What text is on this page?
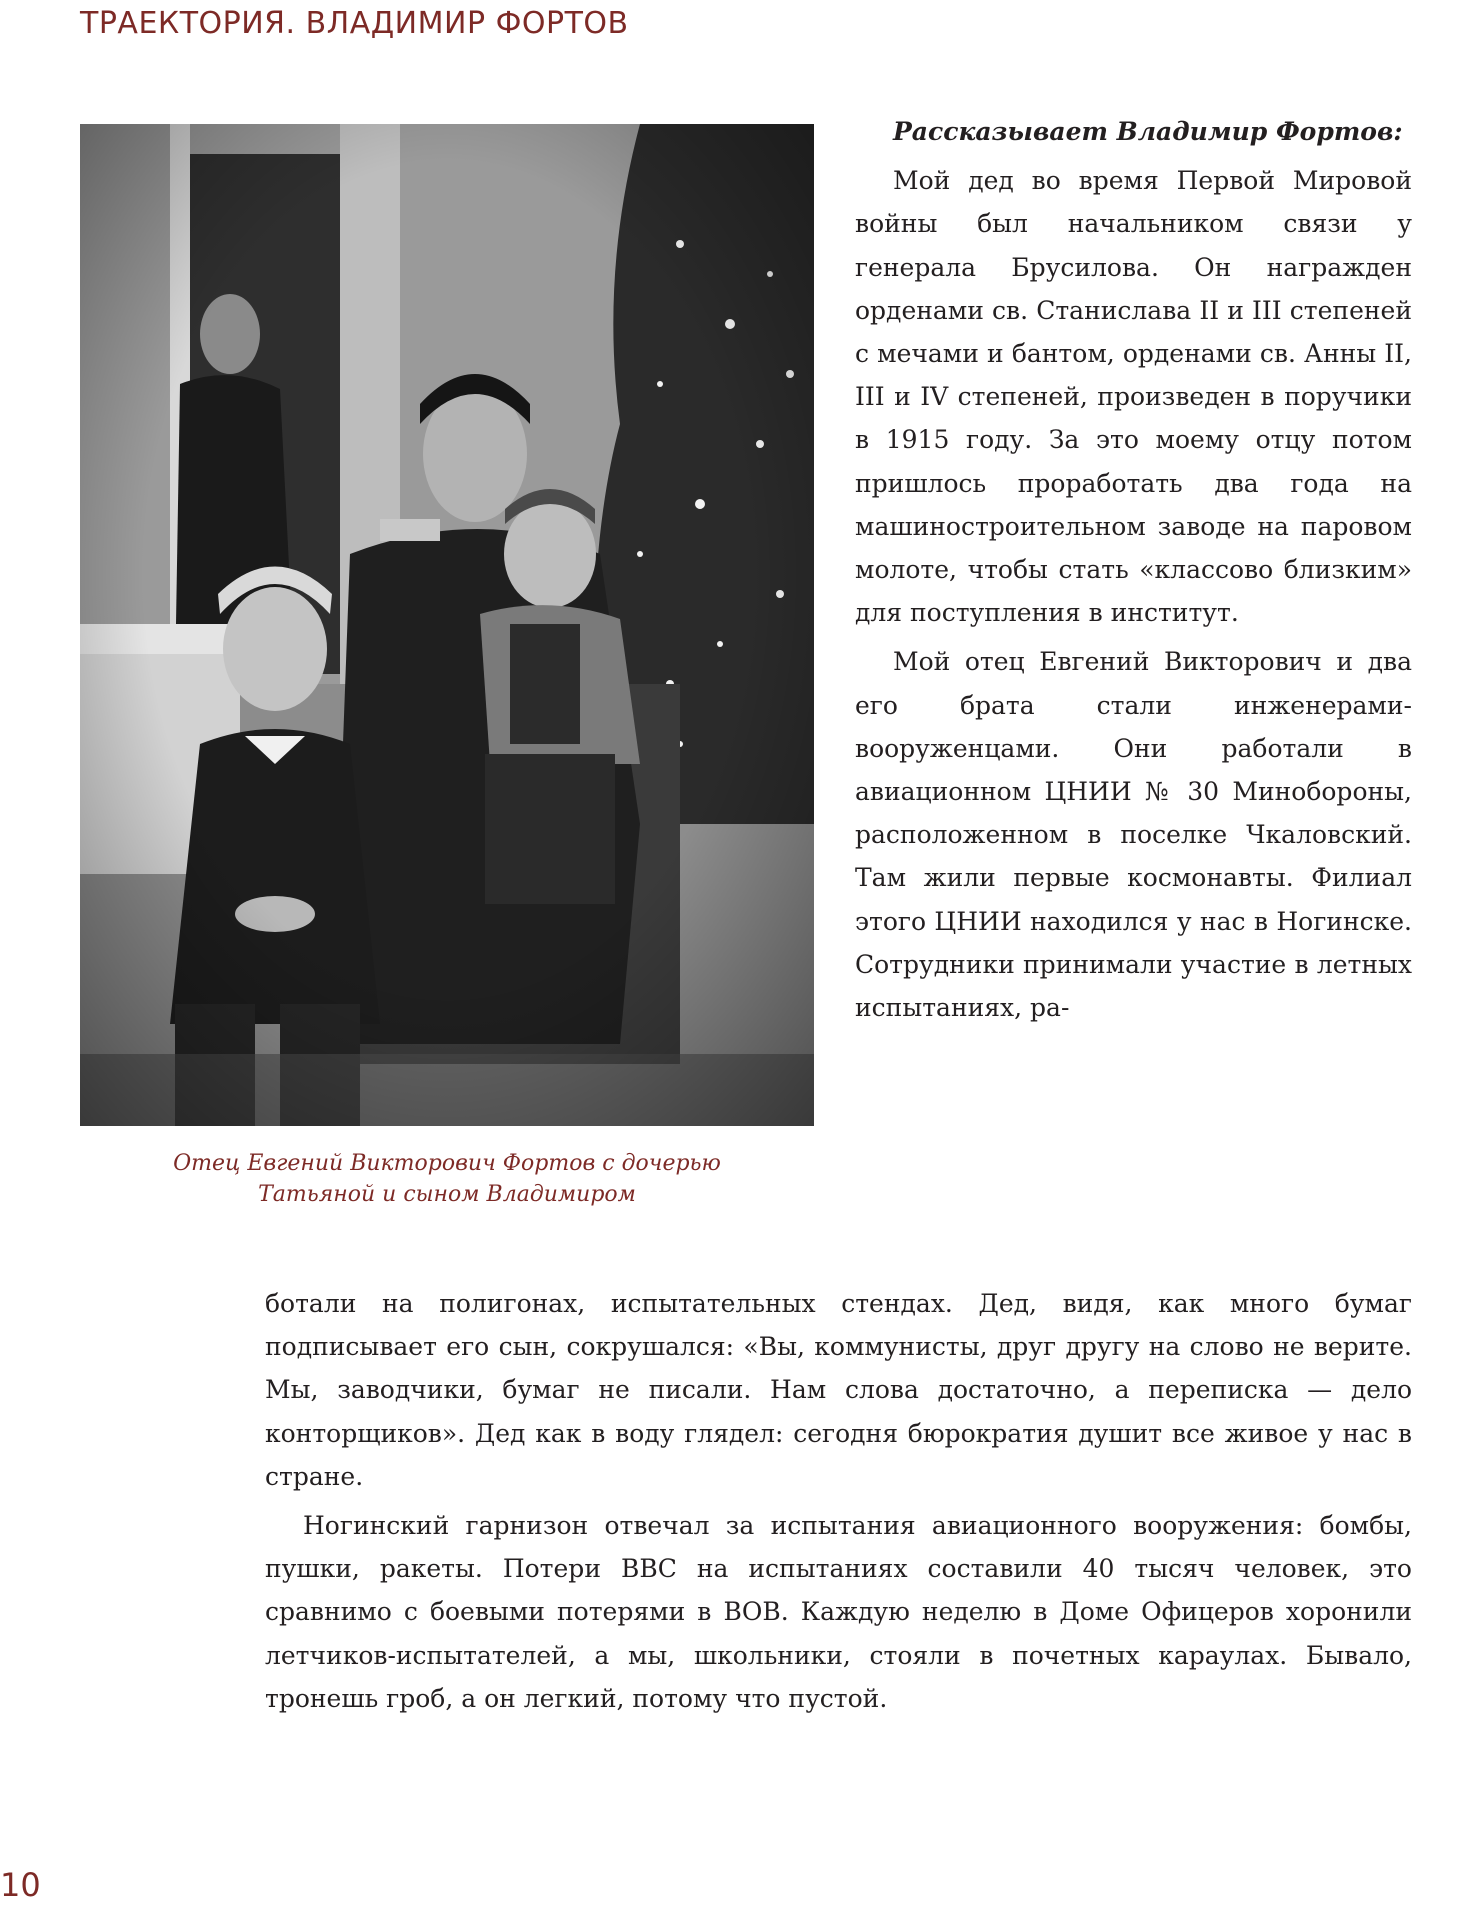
ТРАЕКТОРИЯ. ВЛАДИМИР ФОРТОВ
Отец Евгений Викторович Фортов с дочерью
Татьяной и сыном Владимиром

Рассказывает Владимир Фортов:

Мой дед во время Первой Мировой войны был начальником связи у генерала Брусилова. Он награжден орденами св. Станислава II и III степеней с мечами и бантом, орденами св. Анны II, III и IV степеней, произведен в поручики в 1915 году. За это моему отцу потом пришлось проработать два года на машиностроительном заводе на паровом молоте, чтобы стать «классово близким» для поступления в институт.

Мой отец Евгений Викторович и два его брата стали инженерами-вооруженцами. Они работали в авиационном ЦНИИ № 30 Минобороны, расположенном в поселке Чкаловский. Там жили первые космонавты. Филиал этого ЦНИИ находился у нас в Ногинске. Сотрудники принимали участие в летных испытаниях, ра-

ботали на полигонах, испытательных стендах. Дед, видя, как много бумаг подписывает его сын, сокрушался: «Вы, коммунисты, друг другу на слово не верите. Мы, заводчики, бумаг не писали. Нам слова достаточно, а переписка — дело конторщиков». Дед как в воду глядел: сегодня бюрократия душит все живое у нас в стране.

Ногинский гарнизон отвечал за испытания авиационного вооружения: бомбы, пушки, ракеты. Потери ВВС на испытаниях составили 40 тысяч человек, это сравнимо с боевыми потерями в ВОВ. Каждую неделю в Доме Офицеров хоронили летчиков-испытателей, а мы, школьники, стояли в почетных караулах. Бывало, тронешь гроб, а он легкий, потому что пустой.

10
